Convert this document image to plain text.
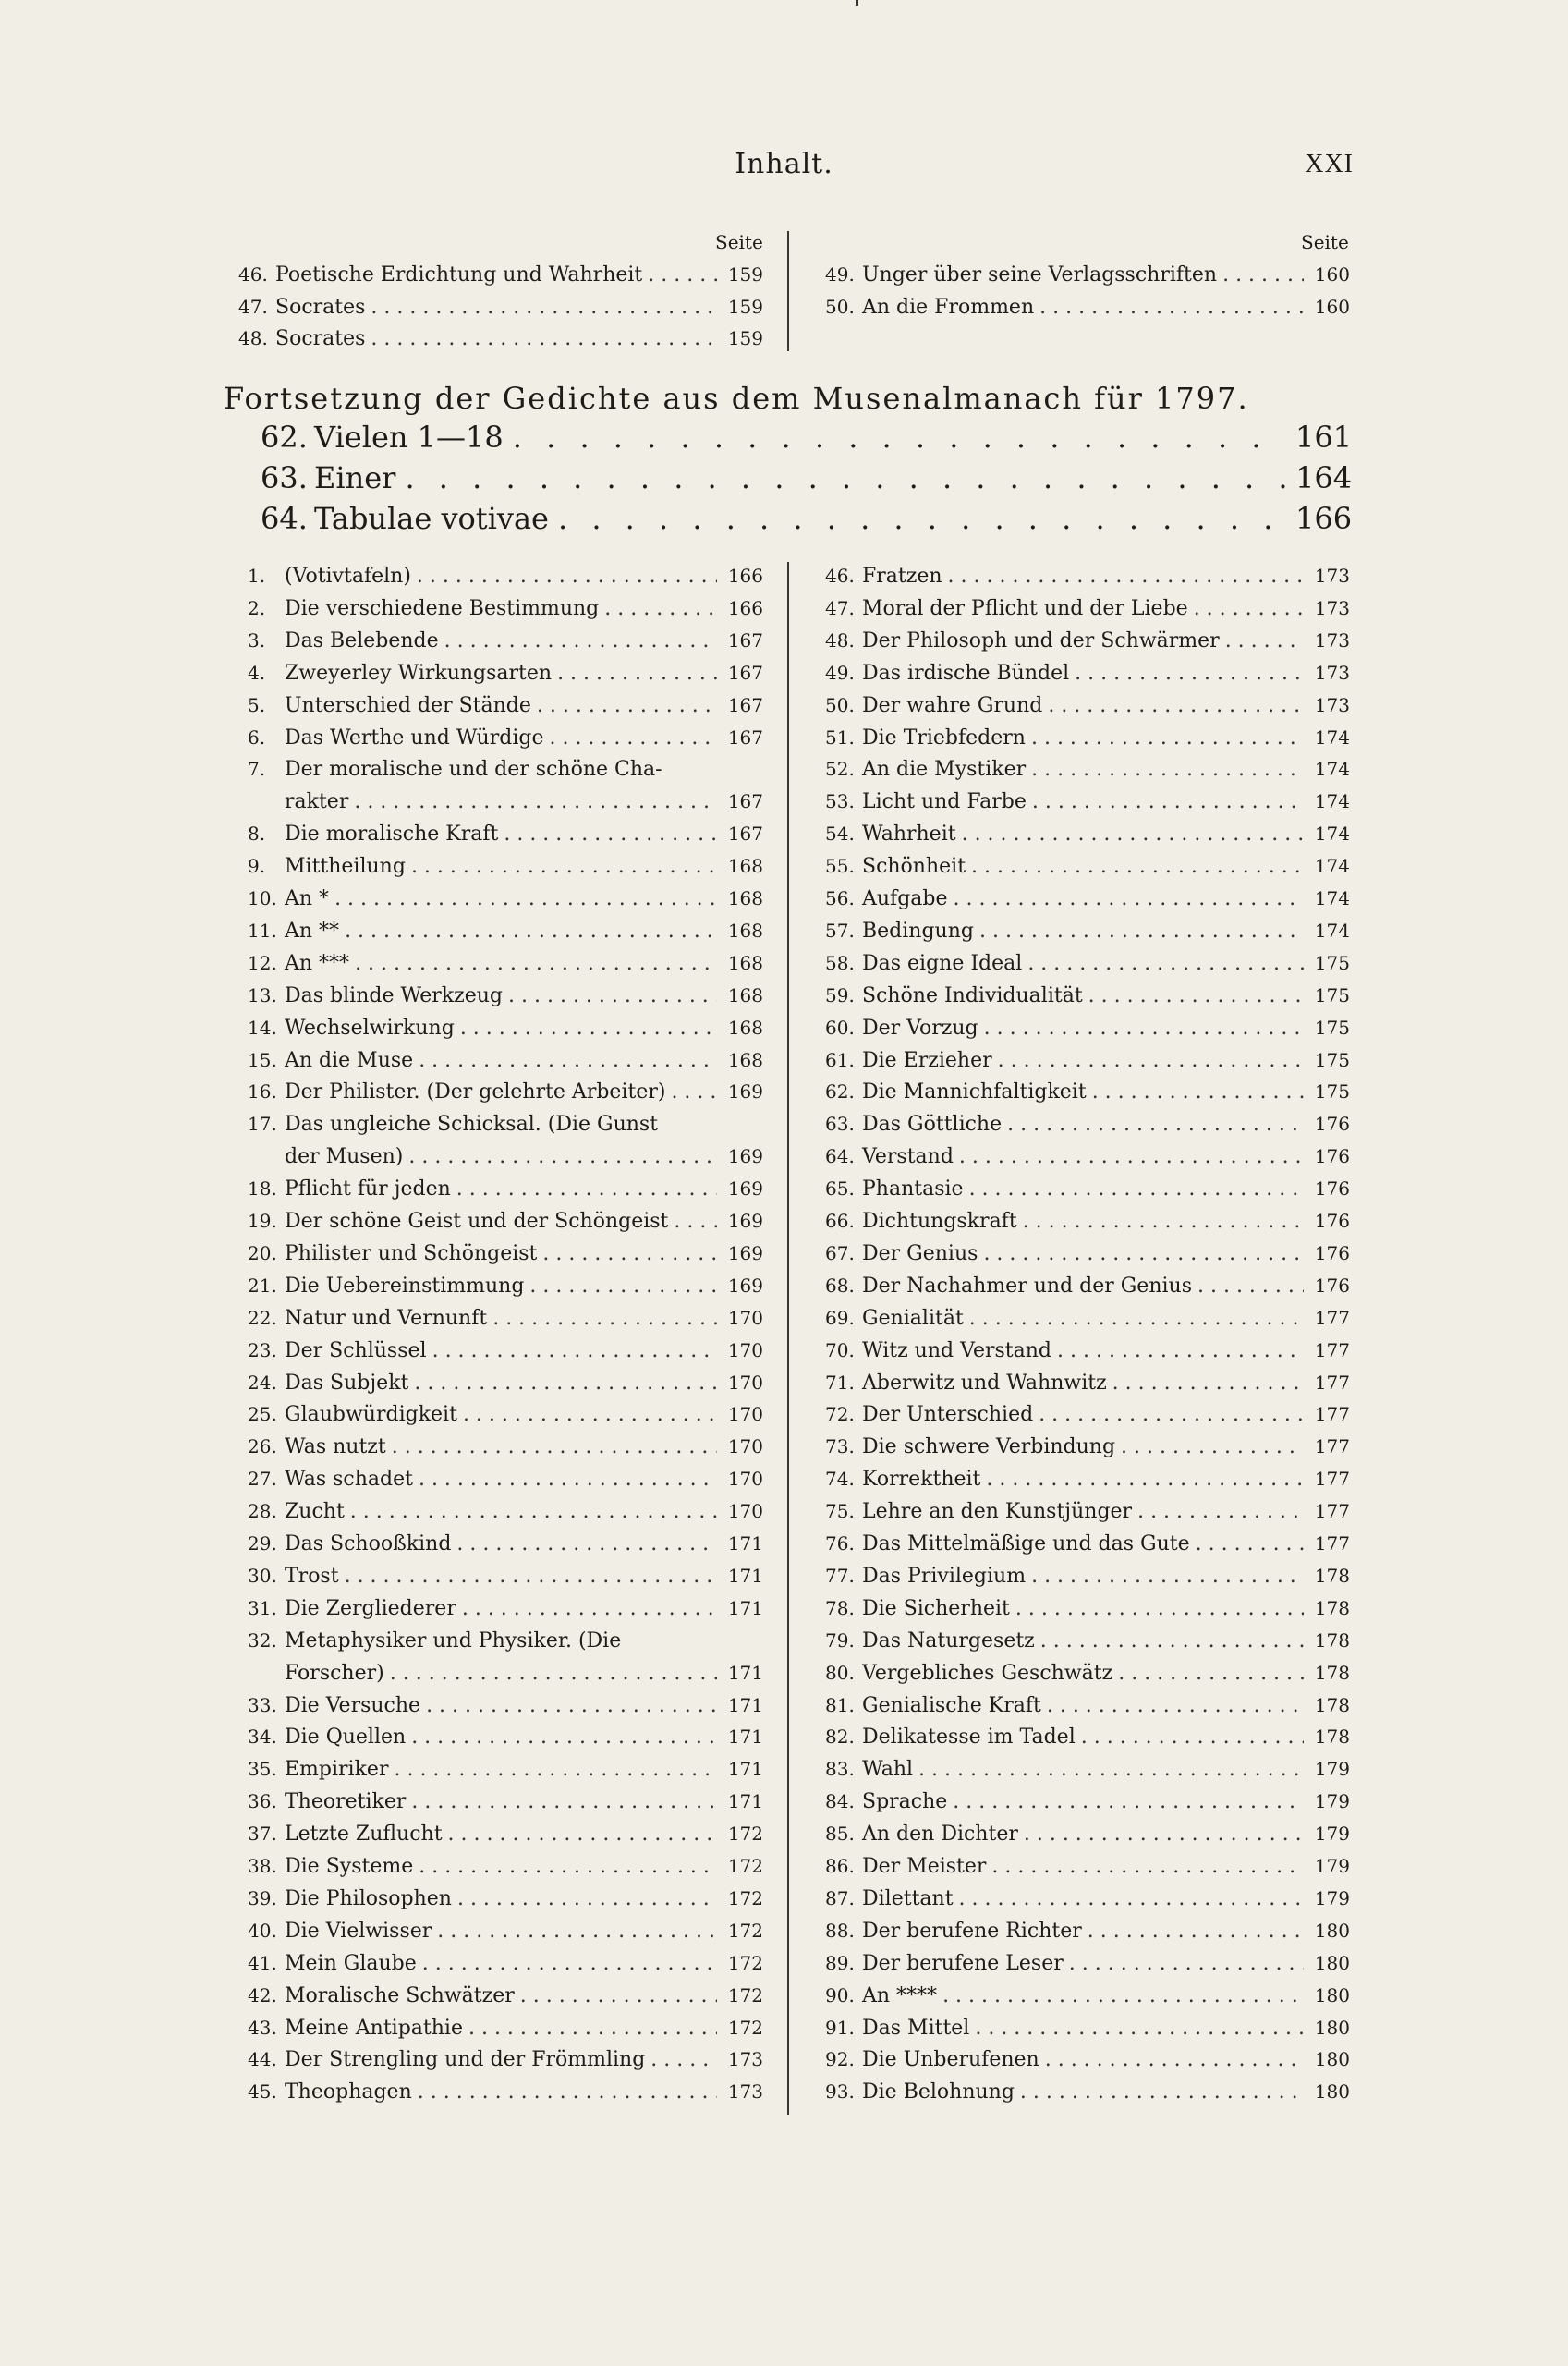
Inhalt.	XXI
Seite	Seite
46. Poetische Erdichtung und Wahrheit . . .	159
47. Socrates . . .	159
48. Socrates . . .	159
49. Unger über seine Verlagsschriften . . .	160
50. An die Frommen . . .	160
Fortsetzung der Gedichte aus dem Musenalmanach für 1797.
62. Vielen 1—18 . . .	161
63. Einer . . .	164
64. Tabulae votivae . . .	166
1. (Votivtafeln) . . .	166
2. Die verschiedene Bestimmung . . .	166
3. Das Belebende . . .	167
4. Zweyerley Wirkungsarten . . .	167
5. Unterschied der Stände . . .	167
6. Das Werthe und Würdige . . .	167
7. Der moralische und der schöne Cha-
rakter . . .	167
8. Die moralische Kraft . . .	167
9. Mittheilung . . .	168
10. An * . . .	168
11. An ** . . .	168
12. An *** . . .	168
13. Das blinde Werkzeug . . .	168
14. Wechselwirkung . . .	168
15. An die Muse . . .	168
16. Der Philister. (Der gelehrte Arbeiter) . . .	169
17. Das ungleiche Schicksal. (Die Gunst
der Musen) . . .	169
18. Pflicht für jeden . . .	169
19. Der schöne Geist und der Schöngeist . . .	169
20. Philister und Schöngeist . . .	169
21. Die Uebereinstimmung . . .	169
22. Natur und Vernunft . . .	170
23. Der Schlüssel . . .	170
24. Das Subjekt . . .	170
25. Glaubwürdigkeit . . .	170
26. Was nutzt . . .	170
27. Was schadet . . .	170
28. Zucht . . .	170
29. Das Schooßkind . . .	171
30. Trost . . .	171
31. Die Zergliederer . . .	171
32. Metaphysiker und Physiker. (Die
Forscher) . . .	171
33. Die Versuche . . .	171
34. Die Quellen . . .	171
35. Empiriker . . .	171
36. Theoretiker . . .	171
37. Letzte Zuflucht . . .	172
38. Die Systeme . . .	172
39. Die Philosophen . . .	172
40. Die Vielwisser . . .	172
41. Mein Glaube . . .	172
42. Moralische Schwätzer . . .	172
43. Meine Antipathie . . .	172
44. Der Strengling und der Frömmling . . .	173
45. Theophagen . . .	173
46. Fratzen . . .	173
47. Moral der Pflicht und der Liebe . . .	173
48. Der Philosoph und der Schwärmer . . .	173
49. Das irdische Bündel . . .	173
50. Der wahre Grund . . .	173
51. Die Triebfedern . . .	174
52. An die Mystiker . . .	174
53. Licht und Farbe . . .	174
54. Wahrheit . . .	174
55. Schönheit . . .	174
56. Aufgabe . . .	174
57. Bedingung . . .	174
58. Das eigne Ideal . . .	175
59. Schöne Individualität . . .	175
60. Der Vorzug . . .	175
61. Die Erzieher . . .	175
62. Die Mannichfaltigkeit . . .	175
63. Das Göttliche . . .	176
64. Verstand . . .	176
65. Phantasie . . .	176
66. Dichtungskraft . . .	176
67. Der Genius . . .	176
68. Der Nachahmer und der Genius . . .	176
69. Genialität . . .	177
70. Witz und Verstand . . .	177
71. Aberwitz und Wahnwitz . . .	177
72. Der Unterschied . . .	177
73. Die schwere Verbindung . . .	177
74. Korrektheit . . .	177
75. Lehre an den Kunstjünger . . .	177
76. Das Mittelmäßige und das Gute . . .	177
77. Das Privilegium . . .	178
78. Die Sicherheit . . .	178
79. Das Naturgesetz . . .	178
80. Vergebliches Geschwätz . . .	178
81. Genialische Kraft . . .	178
82. Delikatesse im Tadel . . .	178
83. Wahl . . .	179
84. Sprache . . .	179
85. An den Dichter . . .	179
86. Der Meister . . .	179
87. Dilettant . . .	179
88. Der berufene Richter . . .	180
89. Der berufene Leser . . .	180
90. An **** . . .	180
91. Das Mittel . . .	180
92. Die Unberufenen . . .	180
93. Die Belohnung . . .	180
